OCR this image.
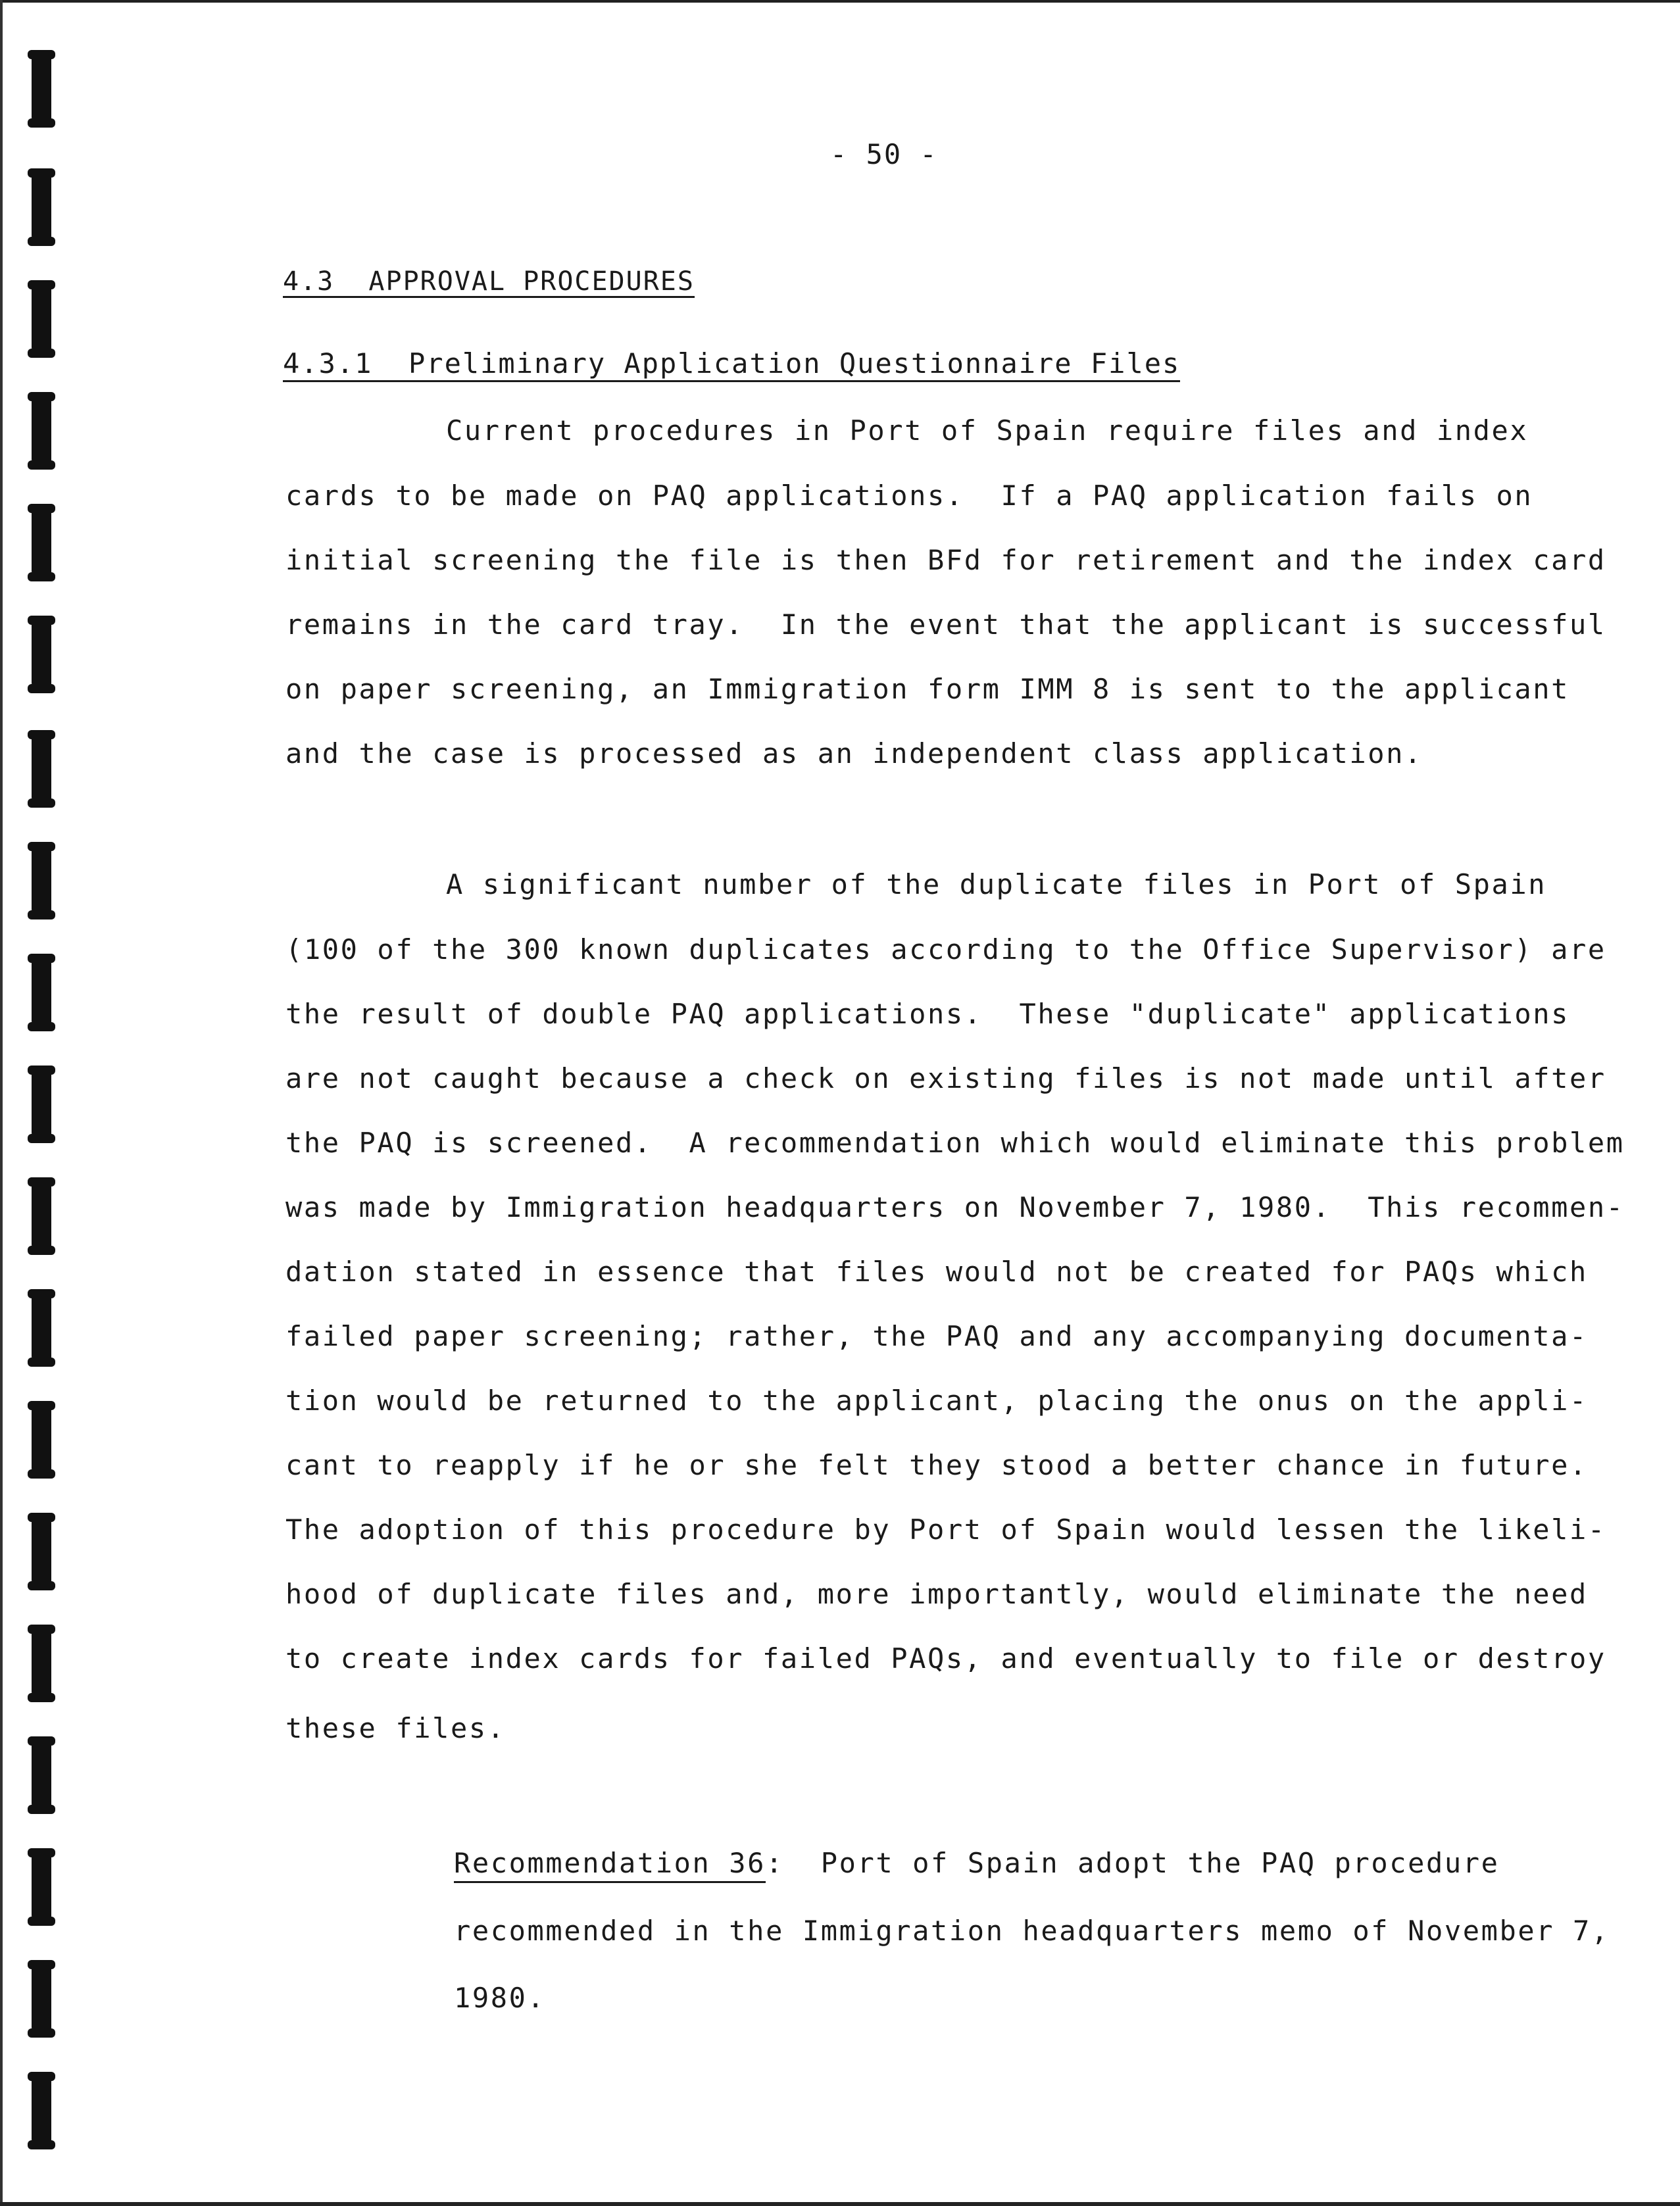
- 50 -
4.3  APPROVAL PROCEDURES
4.3.1  Preliminary Application Questionnaire Files
Current procedures in Port of Spain require files and index
cards to be made on PAQ applications.  If a PAQ application fails on
initial screening the file is then BFd for retirement and the index card
remains in the card tray.  In the event that the applicant is successful
on paper screening, an Immigration form IMM 8 is sent to the applicant
and the case is processed as an independent class application.
A significant number of the duplicate files in Port of Spain
(100 of the 300 known duplicates according to the Office Supervisor) are
the result of double PAQ applications.  These "duplicate" applications
are not caught because a check on existing files is not made until after
the PAQ is screened.  A recommendation which would eliminate this problem
was made by Immigration headquarters on November 7, 1980.  This recommen-
dation stated in essence that files would not be created for PAQs which
failed paper screening; rather, the PAQ and any accompanying documenta-
tion would be returned to the applicant, placing the onus on the appli-
cant to reapply if he or she felt they stood a better chance in future.
The adoption of this procedure by Port of Spain would lessen the likeli-
hood of duplicate files and, more importantly, would eliminate the need
to create index cards for failed PAQs, and eventually to file or destroy
these files.
Recommendation 36:  Port of Spain adopt the PAQ procedure
recommended in the Immigration headquarters memo of November 7,
1980.
